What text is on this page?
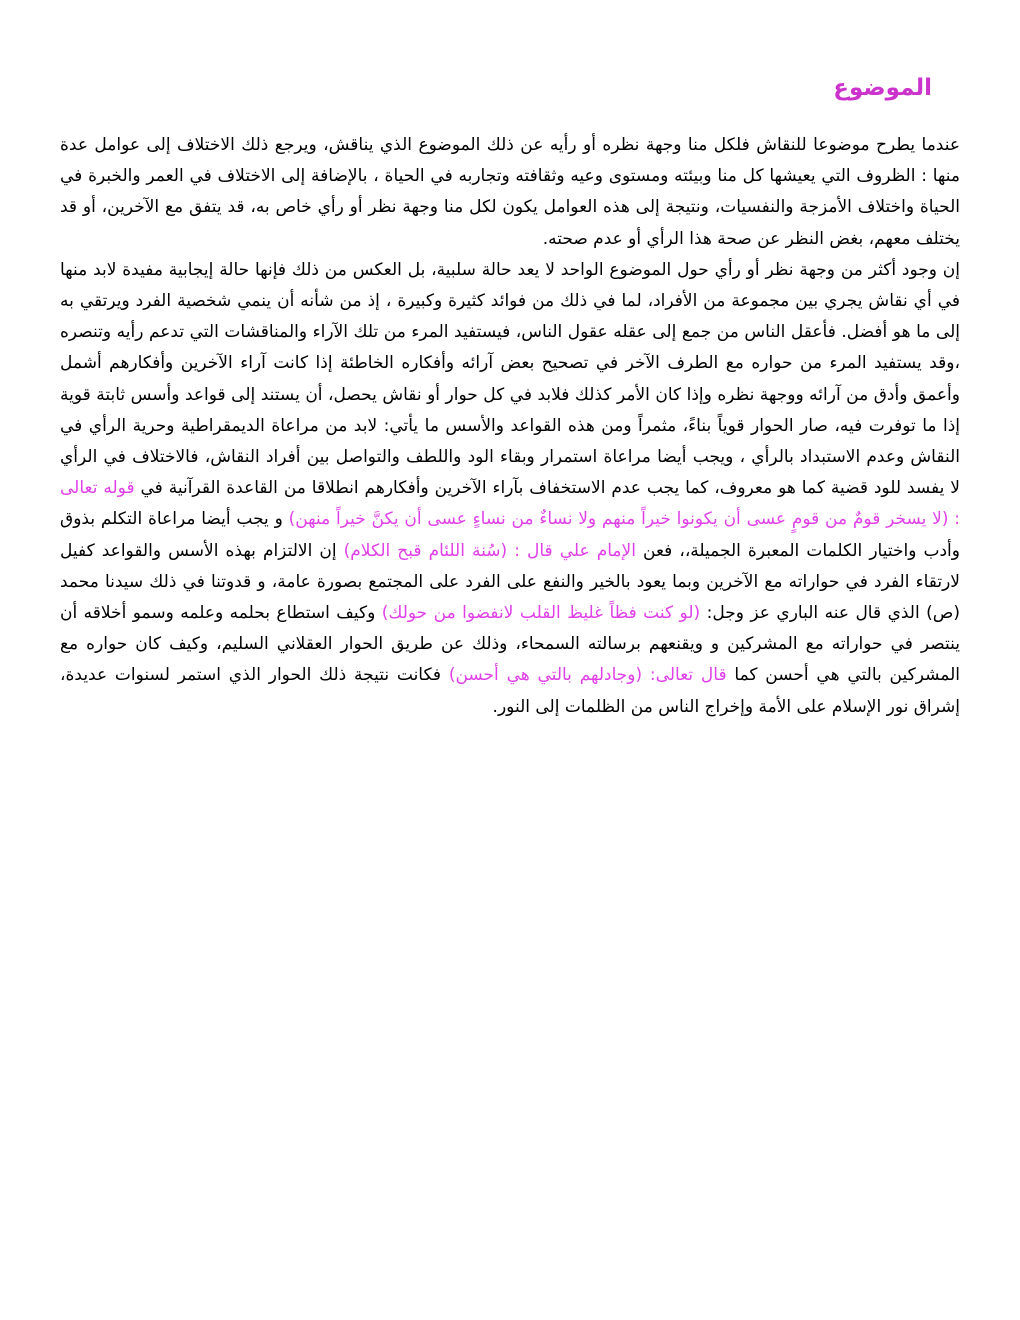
الموضوع

عندما يطرح موضوعا للنقاش فلكل منا وجهة نظره أو رأيه عن ذلك الموضوع الذي يناقش، ويرجع ذلك الاختلاف إلى عوامل عدة منها : الظروف التي يعيشها كل منا وبيئته ومستوى وعيه وثقافته وتجاربه في الحياة ، بالإضافة إلى الاختلاف في العمر والخبرة في الحياة واختلاف الأمزجة والنفسيات، ونتيجة إلى هذه العوامل يكون لكل منا وجهة نظر أو رأي خاص به، قد يتفق مع الآخرين، أو قد يختلف معهم، بغض النظر عن صحة هذا الرأي أو عدم صحته.

إن وجود أكثر من وجهة نظر أو رأي حول الموضوع الواحد لا يعد حالة سلبية، بل العكس من ذلك فإنها حالة إيجابية مفيدة لابد منها في أي نقاش يجري بين مجموعة من الأفراد، لما في ذلك من فوائد كثيرة وكبيرة ، إذ من شأنه أن ينمي شخصية الفرد ويرتقي به إلى ما هو أفضل. فأعقل الناس من جمع إلى عقله عقول الناس، فيستفيد المرء من تلك الآراء والمناقشات التي تدعم رأيه وتنصره ،وقد يستفيد المرء من حواره مع الطرف الآخر في تصحيح بعض آرائه وأفكاره الخاطئة إذا كانت آراء الآخرين وأفكارهم أشمل وأعمق وأدق من آرائه ووجهة نظره وإذا كان الأمر كذلك فلابد في كل حوار أو نقاش يحصل، أن يستند إلى قواعد وأسس ثابتة قوية إذا ما توفرت فيه، صار الحوار قوياً بناءً، مثمراً ومن هذه القواعد والأسس ما يأتي: لابد من مراعاة الديمقراطية وحرية الرأي في النقاش وعدم الاستبداد بالرأي ، ويجب أيضا مراعاة استمرار وبقاء الود واللطف والتواصل بين أفراد النقاش، فالاختلاف في الرأي لا يفسد للود قضية كما هو معروف، كما يجب عدم الاستخفاف بآراء الآخرين وأفكارهم انطلاقا من القاعدة القرآنية في قوله تعالى : (لا يسخر قومٌ من قومٍ عسى أن يكونوا خيراً منهم ولا نساءٌ من نساءٍ عسى أن يكنَّ خيراً منهن) و يجب أيضا مراعاة التكلم بذوق وأدب واختيار الكلمات المعبرة الجميلة،، فعن الإمام علي قال : (سُنة اللئام قبح الكلام) إن الالتزام بهذه الأسس والقواعد كفيل لارتقاء الفرد في حواراته مع الآخرين وبما يعود بالخير والنفع على الفرد على المجتمع بصورة عامة، و قدوتنا في ذلك سيدنا محمد (ص) الذي قال عنه الباري عز وجل: (لو كنت فظاً غليظ القلب لانفضوا من حولك) وكيف استطاع بحلمه وعلمه وسمو أخلاقه أن ينتصر في حواراته مع المشركين و ويقنعهم برسالته السمحاء، وذلك عن طريق الحوار العقلاني السليم، وكيف كان حواره مع المشركين بالتي هي أحسن كما قال تعالى: (وجادلهم بالتي هي أحسن) فكانت نتيجة ذلك الحوار الذي استمر لسنوات عديدة، إشراق نور الإسلام على الأمة وإخراج الناس من الظلمات إلى النور.
